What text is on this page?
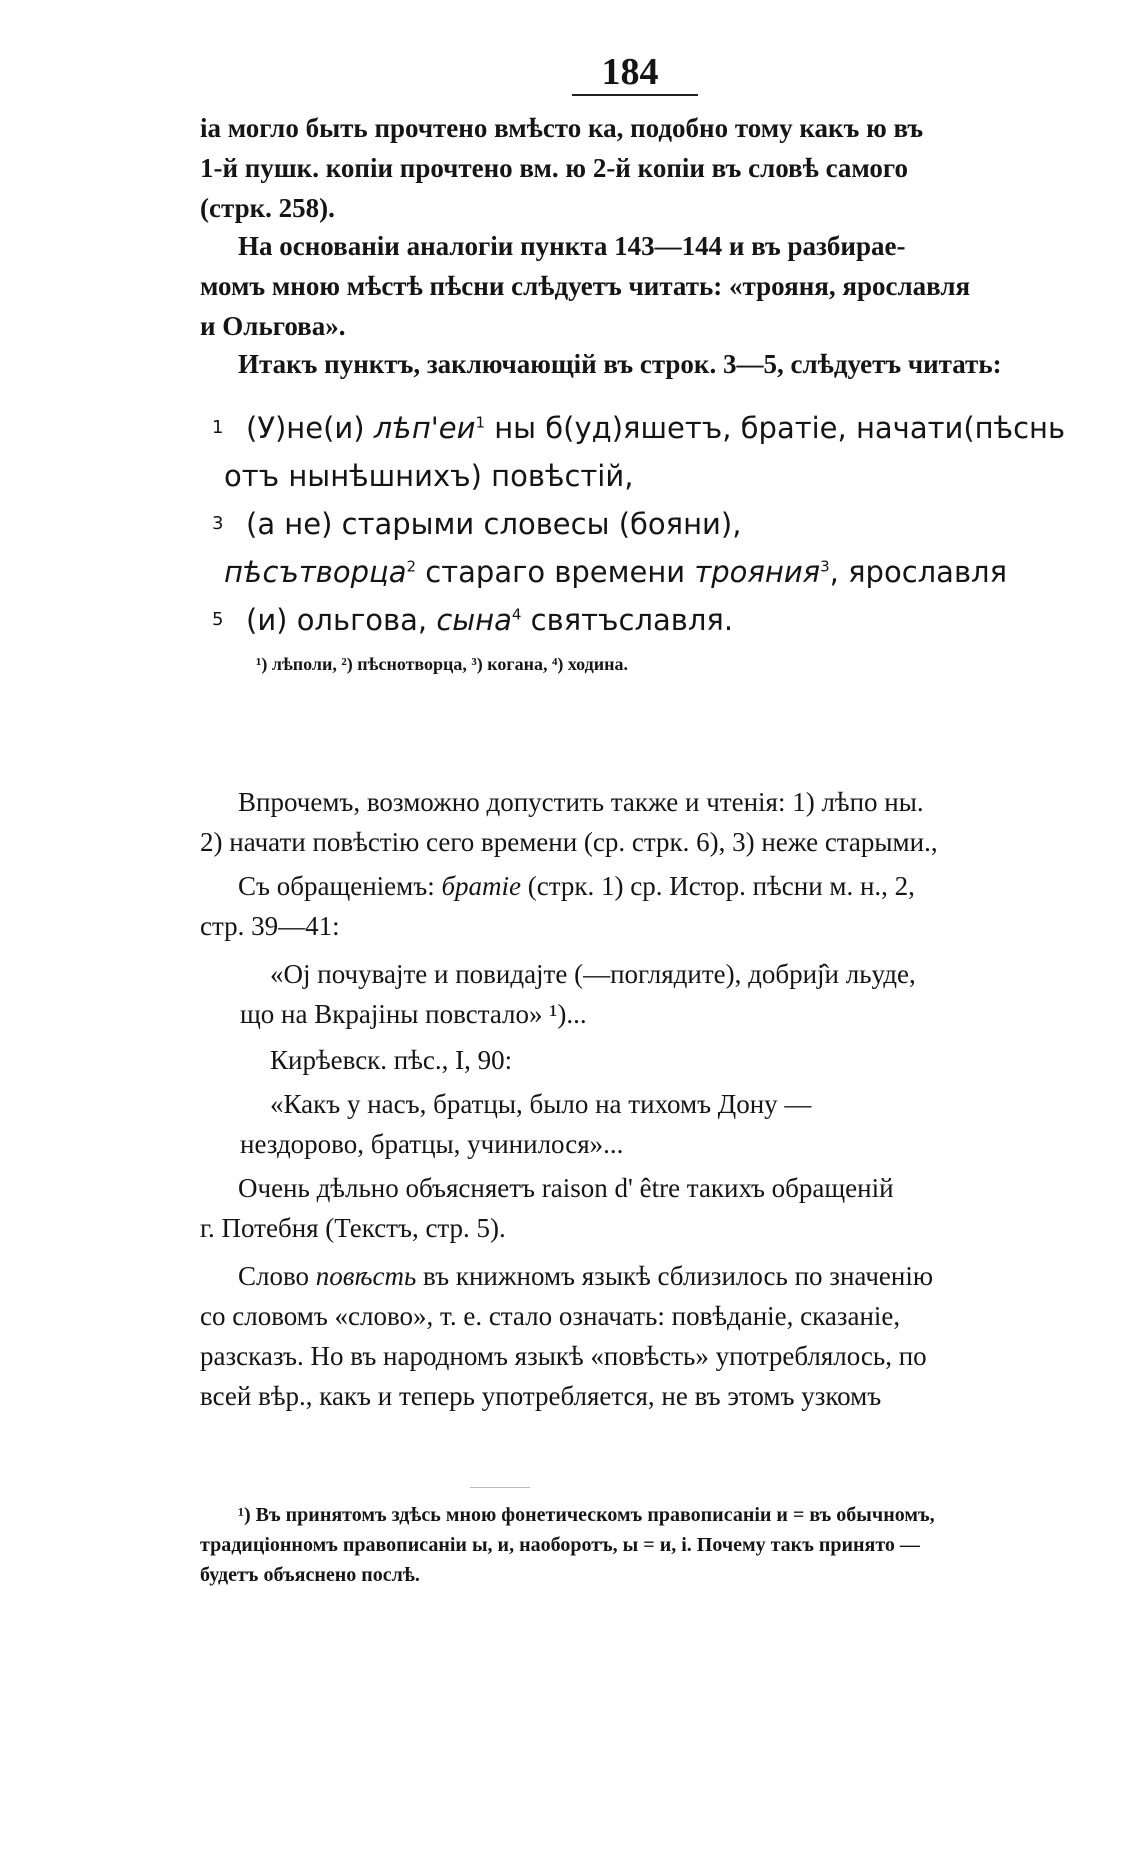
184
ia могло быть прочтено вмѣсто ка, подобно тому какъ ю въ
1-й пушк. копіи прочтено вм. ю 2-й копіи въ словѣ самого
(стрк. 258).
На основаніи аналогіи пункта 143—144 и въ разбирае-
момъ мною мѣстѣ пѣсни слѣдуетъ читать: «трояня, ярославля
и Ольгова».
Итакъ пунктъ, заключающій въ строк. 3—5, слѣдуетъ читать:
1 (У)не(и) $лѣп'еи^1$ ны б(уд)яшетъ, братіе, начати(пѣснь
отъ нынѣшнихъ) повѣстій,
3 (а не) старыми словесы (бояни),
пѣсътворца$^2$ стараго времени трояния$^3$, ярославля
5 (и) ольгова, сына$^4$ святъславля.
¹) лѣполи, ²) пѣснотворца, ³) когана, ⁴) ходина.
Впрочемъ, возможно допустить также и чтенія: 1) лѣпо ны.
2) начати повѣстію сего времени (ср. стрк. 6), 3) неже старыми.,
Съ обращеніемъ: братіе (стрк. 1) ср. Истор. пѣсни м. н., 2,
стр. 39—41:
«Ој почувајте и повидајте (—поглядите), добриј̂и льуде,
що на Вкрајіны повстало» ¹)...
Кирѣевск. пѣс., I, 90:
«Какъ у насъ, братцы, было на тихомъ Дону —
нездорово, братцы, учинилося»...
Очень дѣльно объясняетъ raison d' être такихъ обращеній
г. Потебня (Текстъ, стр. 5).
Слово повѣсть въ книжномъ языкѣ сблизилось по значенію
со словомъ «слово», т. е. стало означать: повѣданіе, сказаніе,
разсказъ. Но въ народномъ языкѣ «повѣсть» употреблялось, по
всей вѣр., какъ и теперь употребляется, не въ этомъ узкомъ
¹) Въ принятомъ здѣсь мною фонетическомъ правописаніи и = въ обычномъ,
традиціонномъ правописаніи ы, и, наоборотъ, ы = и, і. Почему такъ принято —
будетъ объяснено послѣ.
